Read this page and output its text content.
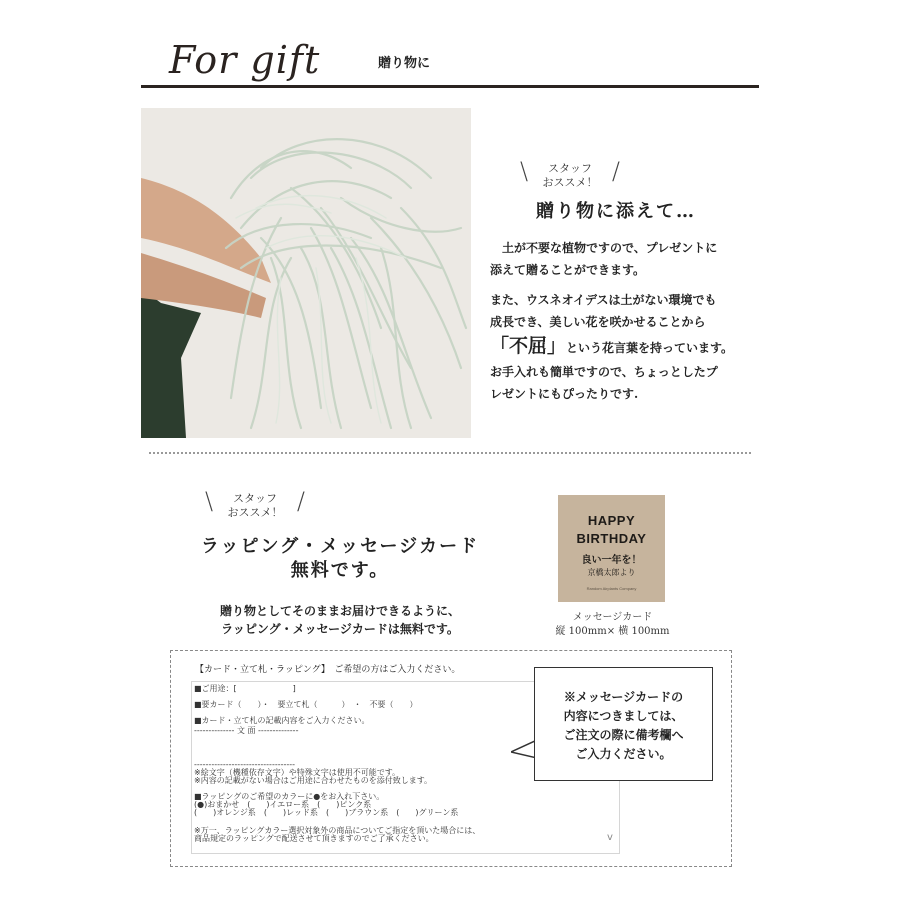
For gift	贈り物に
\	スタッフ
おススメ！ /
贈り物に添えて…
土が不要な植物ですので、プレゼントに
添えて贈ることができます。
また、ウスネオイデスは土がない環境でも
成長でき、美しい花を咲かせることから
「不屈」という花言葉を持っています。
お手入れも簡単ですので、ちょっとしたプ
レゼントにもぴったりです.
\	スタッフ
おススメ！ /
ラッピング・メッセージカード
無料です。
贈り物としてそのままお届けできるように、
ラッピング・メッセージカードは無料です。
HAPPY
BIRTHDAY
良い一年を！
京橋太郎より
Random Airplants Company
メッセージカード
縦 100mm× 横 100mm
【カード・立て札・ラッピング】　ご希望の方はご入力ください。
■ご用途：[　　　　　　　]
■要カード（　　）・　要立て札（　　　）　・　不要（　　）
■カード・立て札の記載内容をご入力ください。
-------------- 文 面 --------------
-----------------------------------
※絵文字（機種依存文字）や特殊文字は使用不可能です。
※内容の記載がない場合はご用途に合わせたものを添付致します。
■ラッピングのご希望のカラーに●をお入れ下さい。
(●)おまかせ　(　　)イエロー系　(　　)ピンク系
(　　)オレンジ系　(　　)レッド系　(　　)ブラウン系　(　　)グリーン系
※万一、ラッピングカラー選択対象外の商品についてご指定を頂いた場合には、
商品規定のラッピングで配送させて頂きますのでご了承ください。	v
※メッセージカードの
内容につきましては、
ご注文の際に備考欄へ
ご入力ください。
